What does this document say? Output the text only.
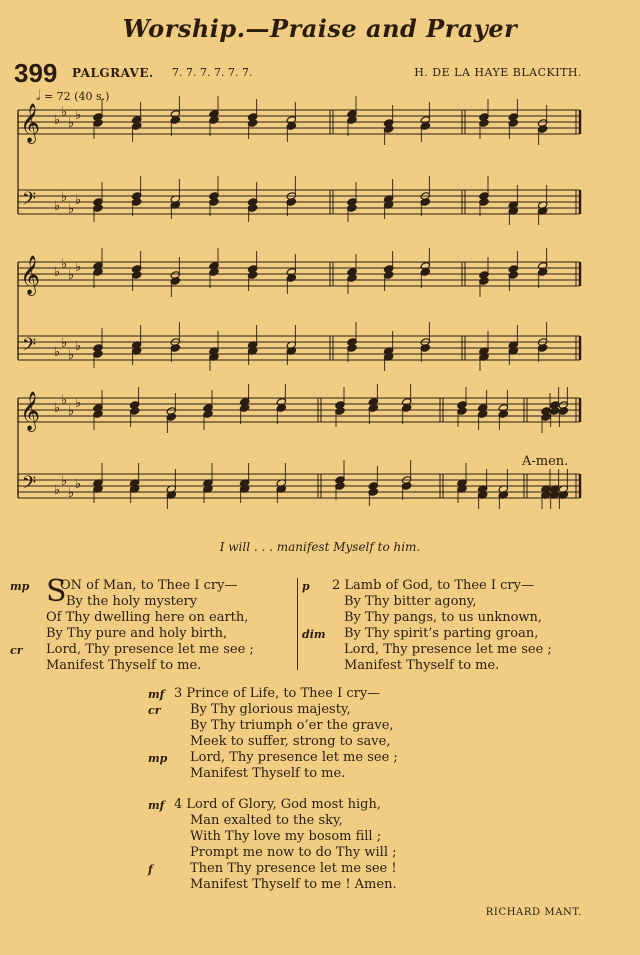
Worship.—Praise and Prayer
399 PALGRAVE. 7. 7. 7. 7. 7. 7.	H. DE LA HAYE BLACKITH.
𝅗𝅥 = 72 (40 s.)
𝄞 ♭
♭
♭
♭
𝄢 ♭
♭
♭
♭
𝄞 ♭
♭
♭
♭
𝄢 ♭
♭
♭
♭
𝄞 ♭
♭
♭
♭
𝄢 ♭
♭
♭
♭
A-men.
I will . . . manifest Myself to him.
mp ON of Man, to Thee I cry—
S By the holy mystery
Of Thy dwelling here on earth,
By Thy pure and holy birth,
cr Lord, Thy presence let me see ;
Manifest Thyself to me.
p 2 Lamb of God, to Thee I cry—
By Thy bitter agony,
By Thy pangs, to us unknown,
dim By Thy spirit’s parting groan,
Lord, Thy presence let me see ;
Manifest Thyself to me.
mf 3 Prince of Life, to Thee I cry—
cr By Thy glorious majesty,
By Thy triumph o’er the grave,
Meek to suffer, strong to save,
mp Lord, Thy presence let me see ;
Manifest Thyself to me.
mf 4 Lord of Glory, God most high,
Man exalted to the sky,
With Thy love my bosom fill ;
Prompt me now to do Thy will ;
f	Then Thy presence let me see !
Manifest Thyself to me ! Amen.
RICHARD MANT.
